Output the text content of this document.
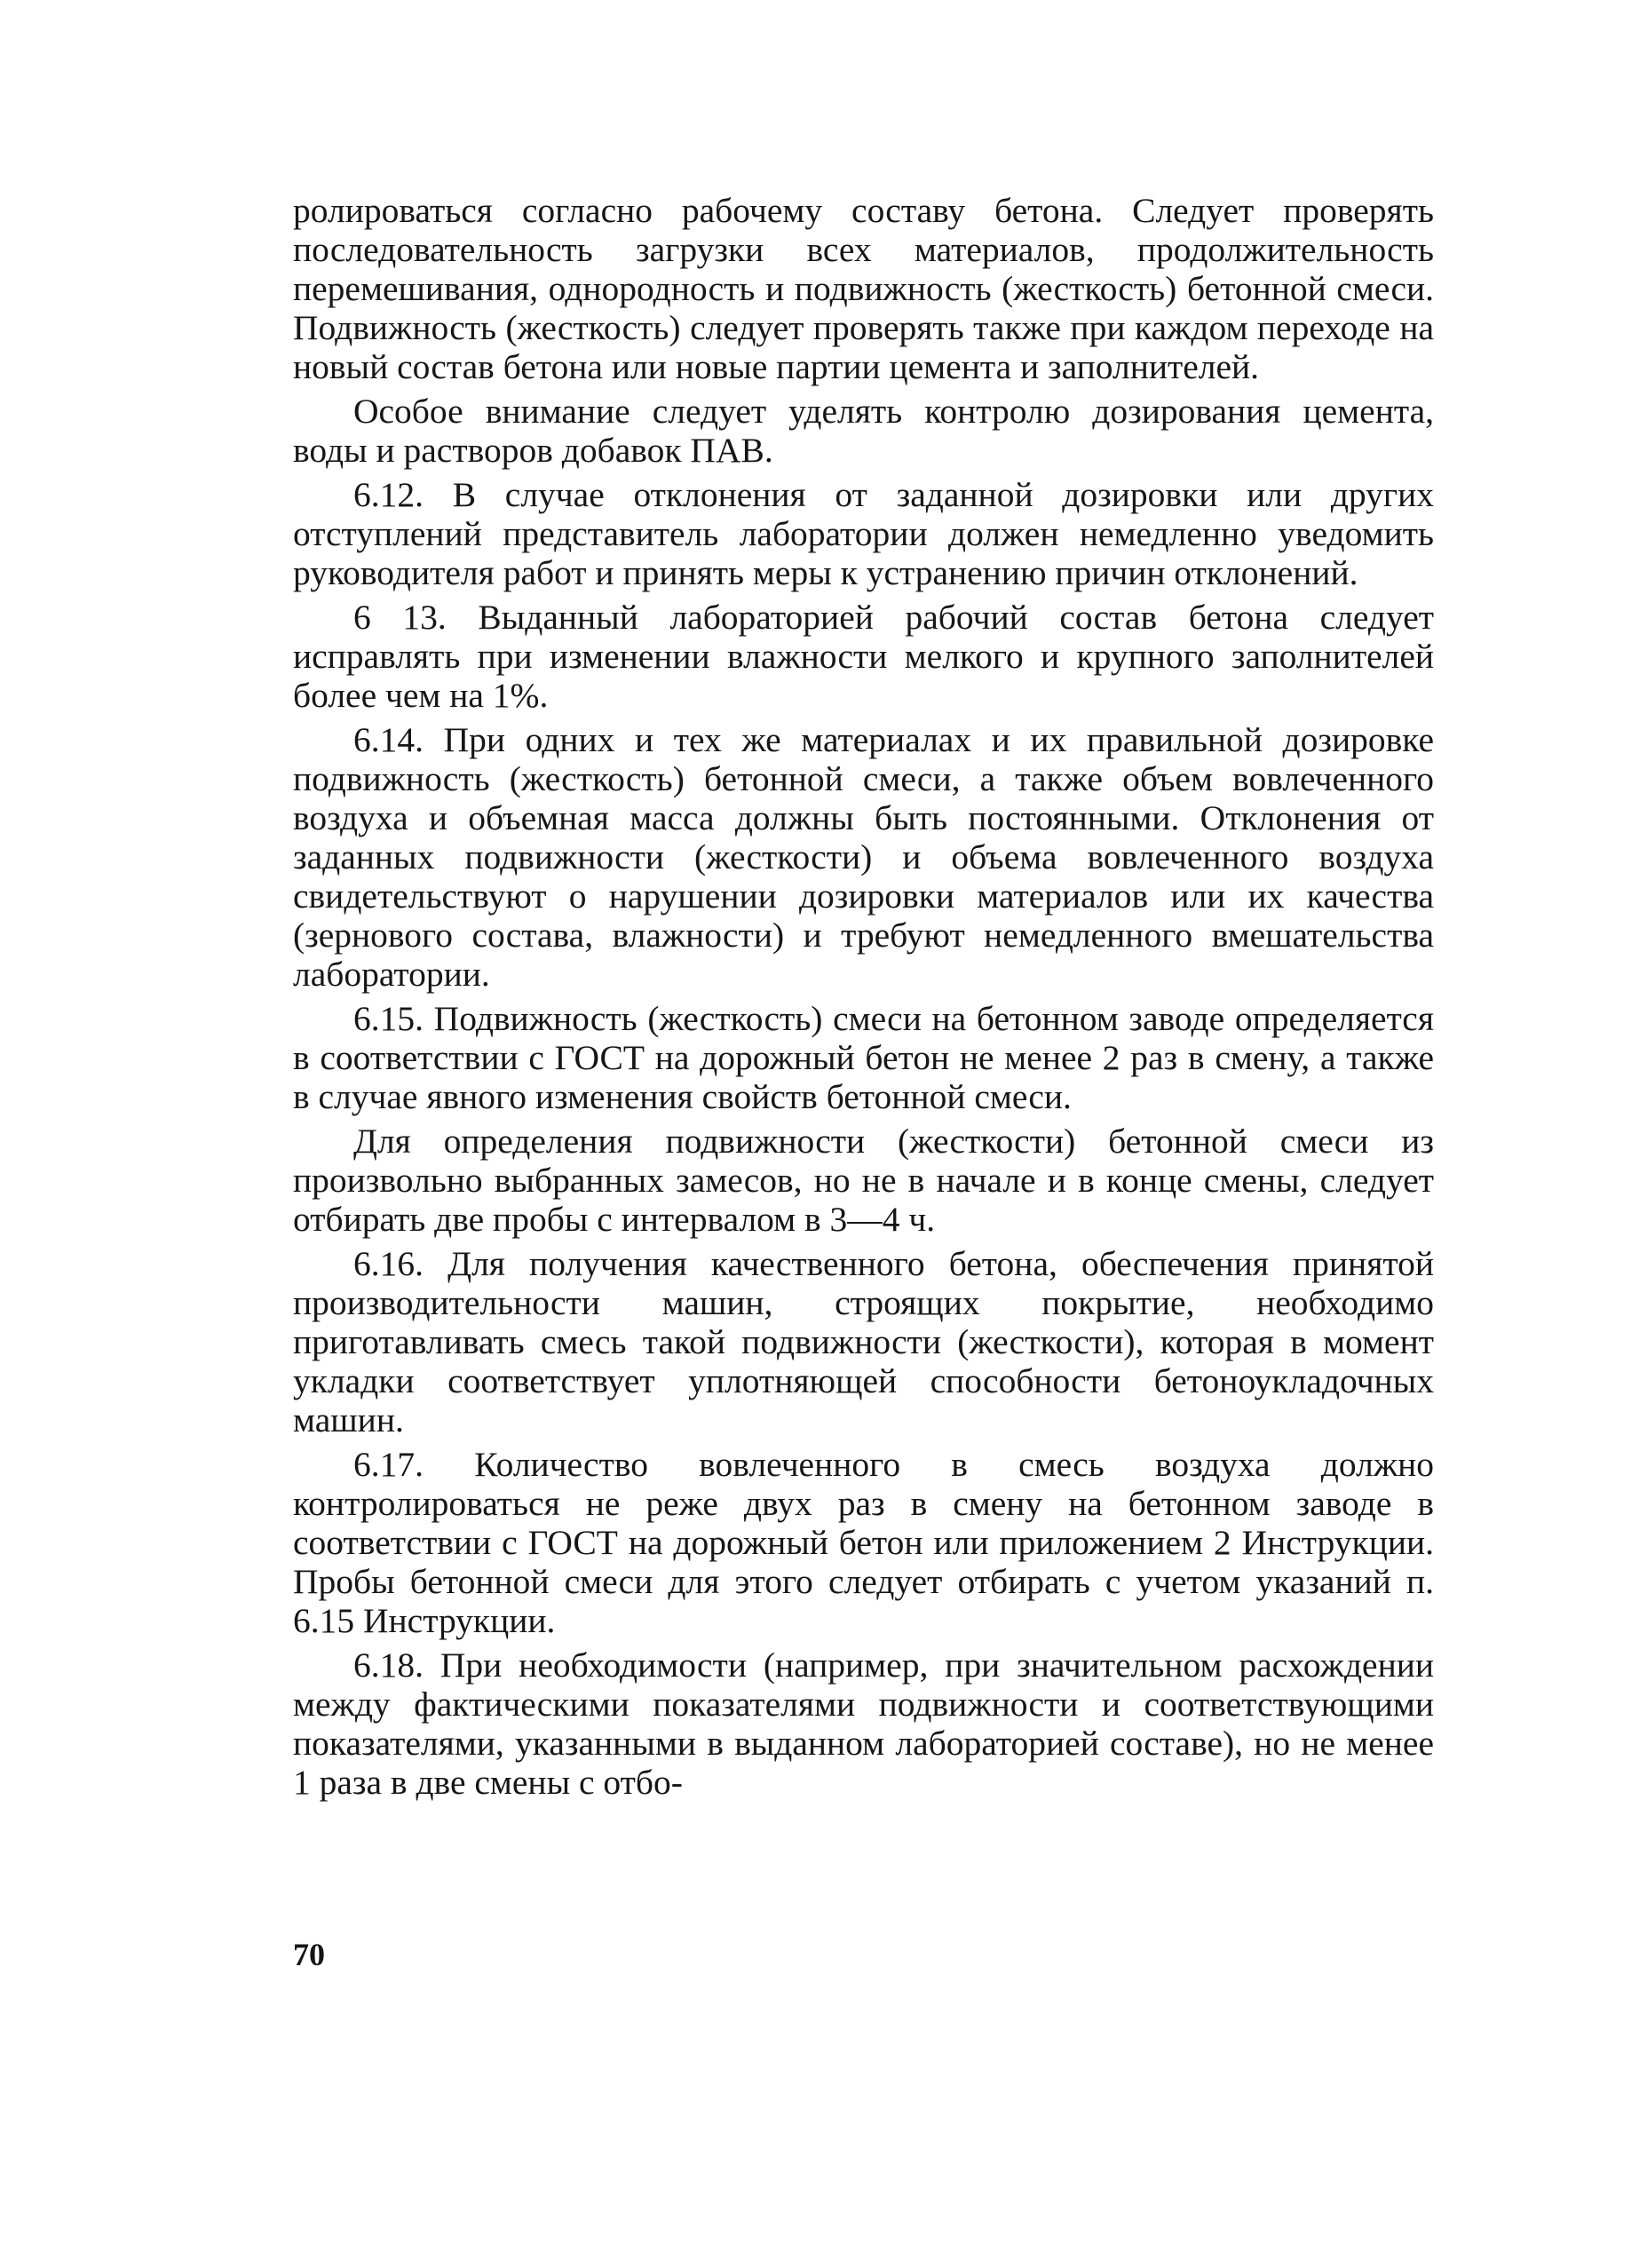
ролироваться согласно рабочему составу бетона. Следует проверять последовательность загрузки всех материалов, продолжительность перемешивания, однородность и подвижность (жесткость) бетонной смеси. Подвижность (жесткость) следует проверять также при каждом переходе на новый состав бетона или новые партии цемента и заполнителей.

Особое внимание следует уделять контролю дозирования цемента, воды и растворов добавок ПАВ.

6.12. В случае отклонения от заданной дозировки или других отступлений представитель лаборатории должен немедленно уведомить руководителя работ и принять меры к устранению причин отклонений.

6 13. Выданный лабораторией рабочий состав бетона следует исправлять при изменении влажности мелкого и крупного заполнителей более чем на 1%.

6.14. При одних и тех же материалах и их правильной дозировке подвижность (жесткость) бетонной смеси, а также объем вовлеченного воздуха и объемная масса должны быть постоянными. Отклонения от заданных подвижности (жесткости) и объема вовлеченного воздуха свидетельствуют о нарушении дозировки материалов или их качества (зернового состава, влажности) и требуют немедленного вмешательства лаборатории.

6.15. Подвижность (жесткость) смеси на бетонном заводе определяется в соответствии с ГОСТ на дорожный бетон не менее 2 раз в смену, а также в случае явного изменения свойств бетонной смеси.

Для определения подвижности (жесткости) бетонной смеси из произвольно выбранных замесов, но не в начале и в конце смены, следует отбирать две пробы с интервалом в 3—4 ч.

6.16. Для получения качественного бетона, обеспечения принятой производительности машин, строящих покрытие, необходимо приготавливать смесь такой подвижности (жесткости), которая в момент укладки соответствует уплотняющей способности бетоноукладочных машин.

6.17. Количество вовлеченного в смесь воздуха должно контролироваться не реже двух раз в смену на бетонном заводе в соответствии с ГОСТ на дорожный бетон или приложением 2 Инструкции. Пробы бетонной смеси для этого следует отбирать с учетом указаний п. 6.15 Инструкции.

6.18. При необходимости (например, при значительном расхождении между фактическими показателями подвижности и соответствующими показателями, указанными в выданном лабораторией составе), но не менее 1 раза в две смены с отбо-

70
